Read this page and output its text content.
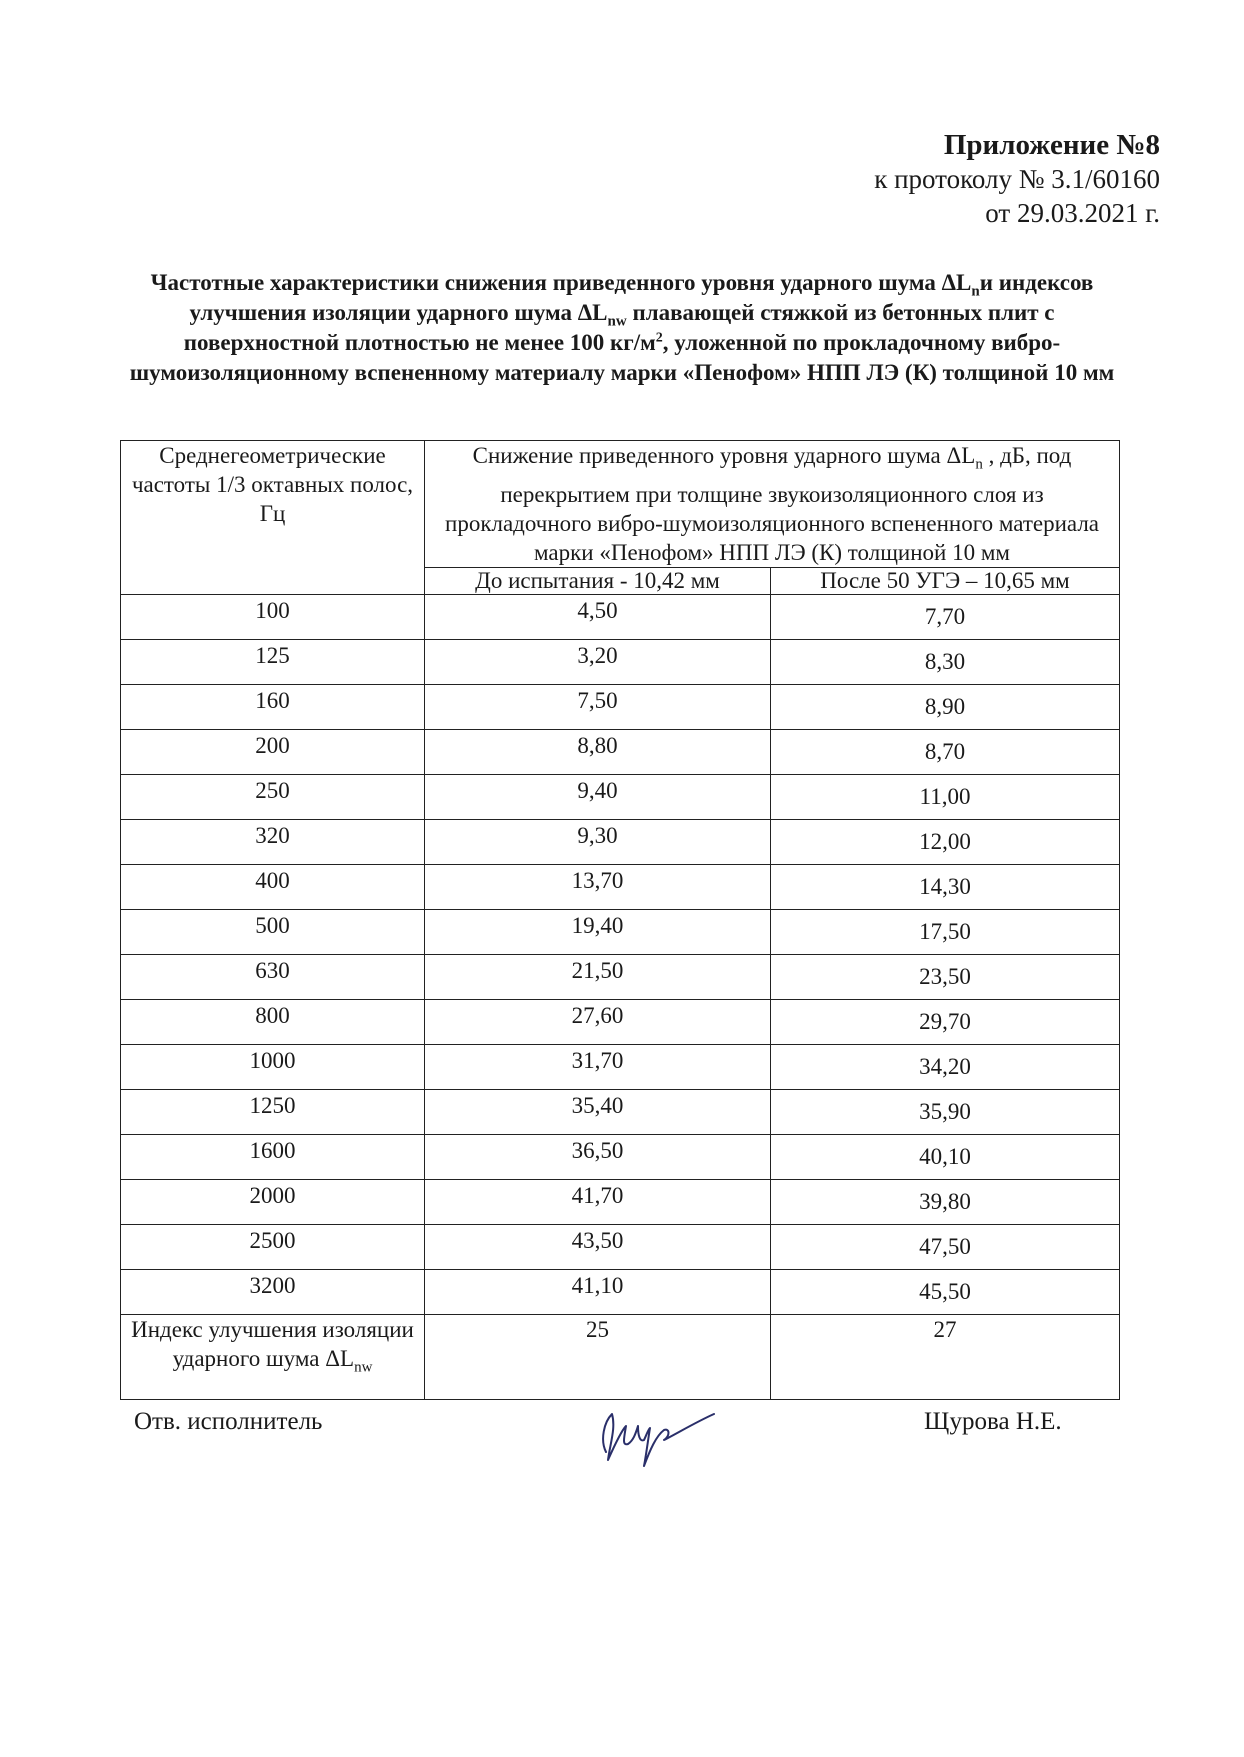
Приложение №8
к протоколу № 3.1/60160
от 29.03.2021 г.
Частотные характеристики снижения приведенного уровня ударного шума $\Delta L_nи$ индексов улучшения изоляции ударного шума $\Delta L_{nw}$ плавающей стяжкой из бетонных плит с поверхностной плотностью не менее 100 $кг/м^2$, уложенной по прокладочному вибро-шумоизоляционному вспененному материалу марки «Пенофом» НПП ЛЭ (К) толщиной 10 мм
Среднегеометрические частоты 1/3 октавных полос, Гц	Снижение приведенного уровня ударного шума $\Delta L_n$ , дБ, под перекрытием при толщине звукоизоляционного слоя из прокладочного вибро-шумоизоляционного вспененного материала марки «Пенофом» НПП ЛЭ (К) толщиной 10 мм	
	До испытания - 10,42 мм	После 50 УГЭ – 10,65 мм
100	4,50	7,70
125	3,20	8,30
160	7,50	8,90
200	8,80	8,70
250	9,40	11,00
320	9,30	12,00
400	13,70	14,30
500	19,40	17,50
630	21,50	23,50
800	27,60	29,70
1000	31,70	34,20
1250	35,40	35,90
1600	36,50	40,10
2000	41,70	39,80
2500	43,50	47,50
3200	41,10	45,50
Индекс улучшения изоляции ударного шума $\Delta L_{nw}$	25	27
Отв. исполнитель	Щурова Н.Е.
